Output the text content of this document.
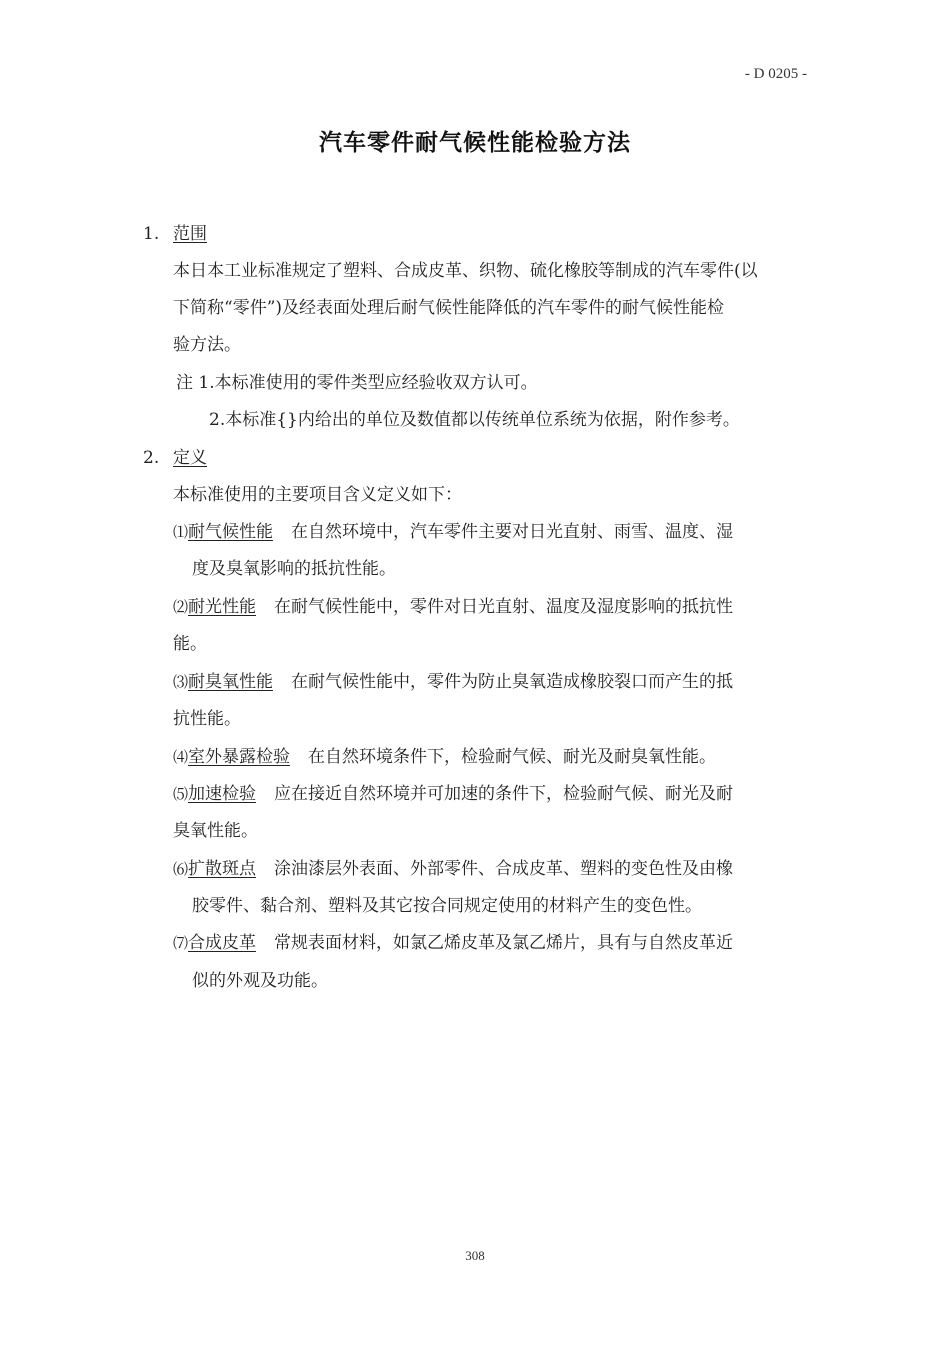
- D 0205 -
汽车零件耐气候性能检验方法
1. 范围
本日本工业标准规定了塑料、合成皮革、织物、硫化橡胶等制成的汽车零件(以
下简称“零件”)及经表面处理后耐气候性能降低的汽车零件的耐气候性能检
验方法。
注 1.本标准使用的零件类型应经验收双方认可。
2.本标准{}内给出的单位及数值都以传统单位系统为依据，附作参考。
2. 定义
本标准使用的主要项目含义定义如下：
⑴耐气候性能 在自然环境中，汽车零件主要对日光直射、雨雪、温度、湿
度及臭氧影响的抵抗性能。
⑵耐光性能 在耐气候性能中，零件对日光直射、温度及湿度影响的抵抗性
能。
⑶耐臭氧性能 在耐气候性能中，零件为防止臭氧造成橡胶裂口而产生的抵
抗性能。
⑷室外暴露检验 在自然环境条件下，检验耐气候、耐光及耐臭氧性能。
⑸加速检验 应在接近自然环境并可加速的条件下，检验耐气候、耐光及耐
臭氧性能。
⑹扩散斑点 涂油漆层外表面、外部零件、合成皮革、塑料的变色性及由橡
胶零件、黏合剂、塑料及其它按合同规定使用的材料产生的变色性。
⑺合成皮革 常规表面材料，如氯乙烯皮革及氯乙烯片，具有与自然皮革近
似的外观及功能。
308
